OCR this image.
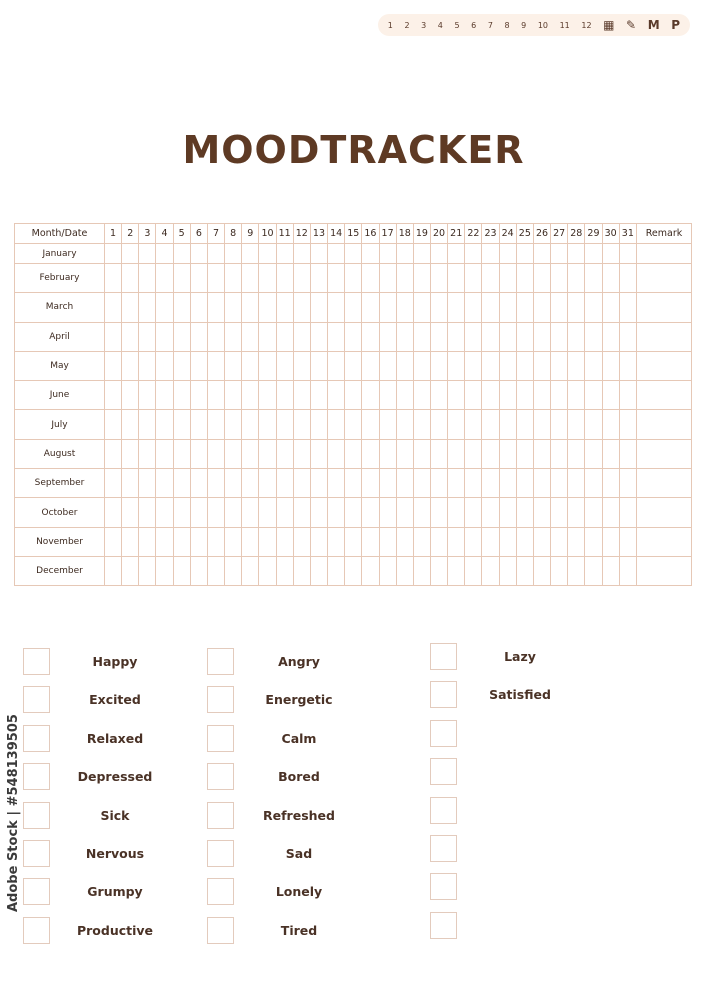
1 2 3 4 5 6 7 8 9 10 11 12 ▦ ✎ M P
MOODTRACKER
Month/Date	1	2	3	4	5	6	7	8	9	10	11	12	13	14	15	16	17	18	19	20	21	22	23	24	25	26	27	28	29	30	31	Remark
January																																
February																																
March																																
April																																
May																																
June																																
July																																
August																																
September																																
October																																
November																																
December																																
Happy
Excited
Relaxed
Depressed
Sick
Nervous
Grumpy
Productive
Angry
Energetic
Calm
Bored
Refreshed
Sad
Lonely
Tired
Lazy
Satisfied
Adobe Stock | #548139505
